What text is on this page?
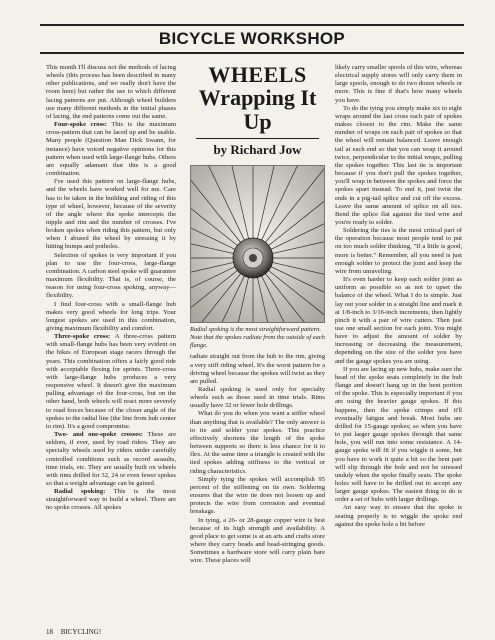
BICYCLE WORKSHOP

This month I'll discuss not the methods of lacing wheels (this process has been described in many other publications, and we really don't have the room here) but rather the use to which different lacing patterns are put. Although wheel builders use many different methods in the initial phases of lacing, the end patterns come out the same.

Four-spoke cross: This is the maximum cross-pattern that can be laced up and be usable. Many people (Question Man Dick Swann, for instance) have voiced negative opinions for this pattern when used with large-flange hubs. Others are equally adamant that this is a good combination.

I've used this pattern on large-flange hubs, and the wheels have worked well for me. Care has to be taken in the building and riding of this type of wheel, however, because of the severity of the angle where the spoke intercepts the nipple and rim and the number of crosses. I've broken spokes when riding this pattern, but only when I abused the wheel by stressing it by hitting bumps and potholes.

Selection of spokes is very important if you plan to use the four-cross, large-flange combination. A carbon steel spoke will guarantee maximum flexibility. That is, of course, the reason for using four-cross spoking, anyway—flexibility.

I find four-cross with a small-flange hub makes very good wheels for long trips. Your longest spokes are used in this combination, giving maximum flexibility and comfort.

Three-spoke cross: A three-cross pattern with small-flange hubs has been very evident on the bikes of European stage racers through the years. This combination offers a fairly good ride with acceptable flexing for sprints. Three-cross with large-flange hubs produces a very responsive wheel. It doesn't give the maximum pulling advantage of the four-cross, but on the other hand, both wheels will react more severely to road forces because of the closer angle of the spokes to the radial line (the line from hub center to rim). It's a good compromise.

Two- and one-spoke crosses: These are seldom, if ever, used by road riders. They are specialty wheels used by riders under carefully controlled conditions such as record assaults, time trials, etc. They are usually built on wheels with rims drilled for 32, 24 or even fewer spokes so that a weight advantage can be gained.

Radial spoking: This is the most straightforward way to build a wheel. There are no spoke crosses. All spokes

WHEELS
Wrapping It Up
by Richard Jow
Radial spoking is the most straightforward pattern. Note that the spokes radiate from the outside of each flange.

radiate straight out from the hub to the rim, giving a very stiff riding wheel. It's the worst pattern for a driving wheel because the spokes will twist as they are pulled.

Radial spoking is used only for specialty wheels such as those used in time trials. Rims usually have 32 or fewer hole drillings.

What do you do when you want a stiffer wheel than anything that is available? The only answer is to tie and solder your spokes. This practice effectively shortens the length of the spoke between supports so there is less chance for it to flex. At the same time a triangle is created with the tied spokes adding stiffness to the vertical or riding characteristics.

Simply tying the spokes will accomplish 95 percent of the stiffening on its own. Soldering ensures that the wire tie does not loosen up and protects the wire from corrosion and eventual breakage.

In tying, a 26- or 28-gauge copper wire is best because of its high strength and availability. A good place to get some is at an arts and crafts store where they carry beads and bead-stringing goods. Sometimes a hardware store will carry plain bare wire. These places will

likely carry smaller spools of this wire, whereas electrical supply stores will only carry them in large spools, enough to do two dozen wheels or more. This is fine if that's how many wheels you have.

To do the tying you simply make six to eight wraps around the last cross each pair of spokes makes closest to the rim. Make the same number of wraps on each pair of spokes so that the wheel will remain balanced. Leave enough tail at each end so that you can wrap it around twice, perpendicular to the initial wraps, pulling the spokes together. This last tie is important because if you don't pull the spokes together, you'll wrap in between the spokes and force the spokes apart instead. To end it, just twist the ends in a pig-tail splice and cut off the excess. Leave the same amount of splice on all ties. Bend the splice flat against the tied wire and you're ready to solder.

Soldering the ties is the most critical part of the operation because most people tend to put on too much solder thinking, "If a little is good, more is better." Remember, all you need is just enough solder to protect the joint and keep the wire from unraveling.

It's even harder to keep each solder joint as uniform as possible so as not to upset the balance of the wheel. What I do is simple. Just lay out your solder in a straight line and mark it at 1/8-inch to 3/16-inch increments, then lightly pinch it with a pair of wire cutters. Then just use one small section for each joint. You might have to adjust the amount of solder by increasing or decreasing the measurement, depending on the size of the solder you have and the gauge spokes you are using.

If you are lacing up new hubs, make sure the head of the spoke seats completely in the hub flange and doesn't hang up in the bent portion of the spoke. This is especially important if you are using the heavier gauge spokes. If this happens, then the spoke crimps and it'll eventually fatigue and break. Most hubs are drilled for 15-gauge spokes; so when you have to put larger gauge spokes through that same hole, you will run into some resistance. A 14-gauge spoke will fit if you wiggle it some, but you have to work it quite a bit so the bent part will slip through the hole and not be stressed unduly when the spoke finally seats. The spoke holes will have to be drilled out to accept any larger gauge spokes. The easiest thing to do is order a set of hubs with larger drillings.

An easy way to ensure that the spoke is seating properly is to wiggle the spoke end against the spoke hole a bit before

18 BICYCLING!
